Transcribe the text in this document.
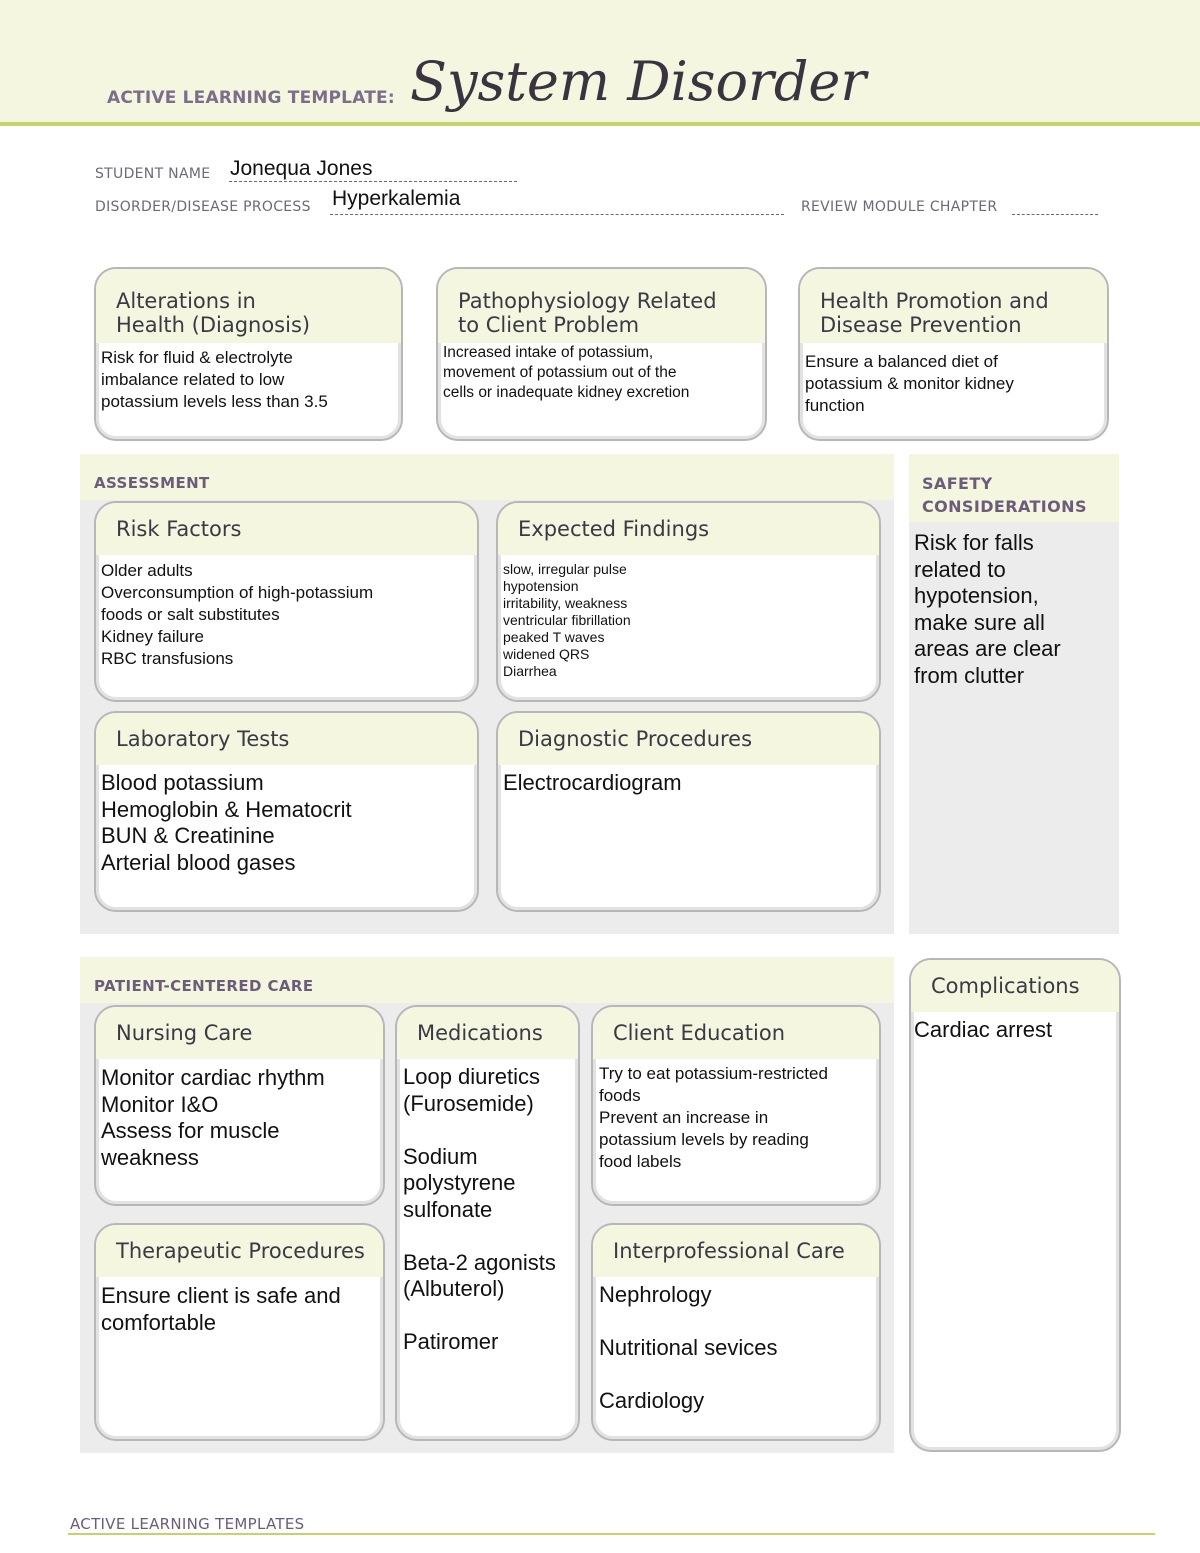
ACTIVE LEARNING TEMPLATE: System Disorder
STUDENT NAME Jonequa Jones
DISORDER/DISEASE PROCESS Hyperkalemia	REVIEW MODULE CHAPTER
Alterations in
Health (Diagnosis)
Risk for fluid & electrolyte
imbalance related to low
potassium levels less than 3.5
Pathophysiology Related
to Client Problem
Increased intake of potassium,
movement of potassium out of the
cells or inadequate kidney excretion
Health Promotion and
Disease Prevention
Ensure a balanced diet of
potassium & monitor kidney
function
ASSESSMENT
Risk Factors
Older adults
Overconsumption of high-potassium
foods or salt substitutes
Kidney failure
RBC transfusions
Expected Findings
slow, irregular pulse
hypotension
irritability, weakness
ventricular fibrillation
peaked T waves
widened QRS
Diarrhea
Laboratory Tests
Blood potassium
Hemoglobin & Hematocrit
BUN & Creatinine
Arterial blood gases
Diagnostic Procedures
Electrocardiogram
SAFETY
CONSIDERATIONS
Risk for falls
related to
hypotension,
make sure all
areas are clear
from clutter
PATIENT-CENTERED CARE
Nursing Care
Monitor cardiac rhythm
Monitor I&O
Assess for muscle
weakness
Medications
Loop diuretics
(Furosemide)
Sodium
polystyrene
sulfonate
Beta-2 agonists
(Albuterol)
Patiromer
Client Education
Try to eat potassium-restricted
foods
Prevent an increase in
potassium levels by reading
food labels
Therapeutic Procedures
Ensure client is safe and
comfortable
Interprofessional Care
Nephrology
Nutritional sevices
Cardiology
Complications
Cardiac arrest
ACTIVE LEARNING TEMPLATES
